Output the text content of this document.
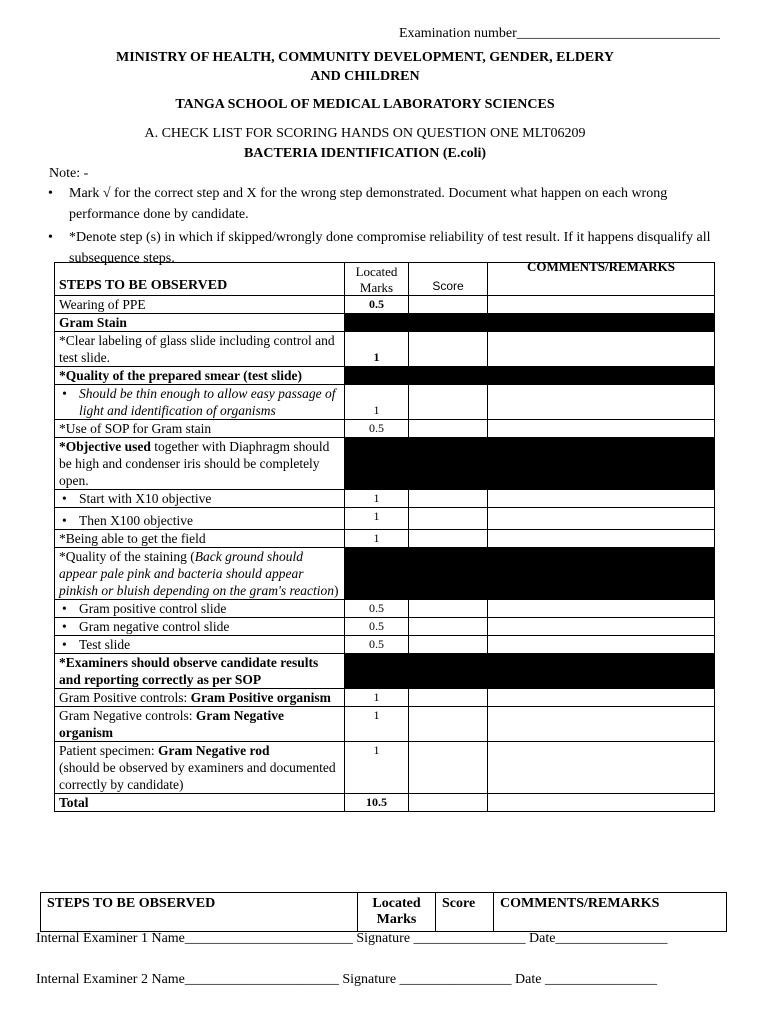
Examination number_____________________________
MINISTRY OF HEALTH, COMMUNITY DEVELOPMENT, GENDER, ELDERY
AND CHILDREN
TANGA SCHOOL OF MEDICAL LABORATORY SCIENCES
A. CHECK LIST FOR SCORING HANDS ON QUESTION ONE MLT06209
BACTERIA IDENTIFICATION (E.coli)
Note: -
• Mark √ for the correct step and X for the wrong step demonstrated. Document what happen on each wrong performance done by candidate.
• *Denote step (s) in which if skipped/wrongly done compromise reliability of test result. If it happens disqualify all subsequence steps.
STEPS TO BE OBSERVED	Located
Marks	Score	COMMENTS/REMARKS

Wearing of PPE	0.5		
Gram Stain			
*Clear labeling of glass slide including control and test slide.	1		
*Quality of the prepared smear (test slide)			

• Should be thin enough to allow easy passage of light and identification of organisms	1		
*Use of SOP for Gram stain	0.5		
*Objective used together with Diaphragm should be high and condenser iris should be completely open.			

• Start with X10 objective	1		

• Then X100 objective	1		
*Being able to get the field	1		
*Quality of the staining (Back ground should appear pale pink and bacteria should appear pinkish or bluish depending on the gram's reaction)			

• Gram positive control slide	0.5		

• Gram negative control slide	0.5		

• Test slide	0.5		
*Examiners should observe candidate results and reporting correctly as per SOP			
Gram Positive controls: Gram Positive organism	1		
Gram Negative controls: Gram Negative organism	1		
Patient specimen: Gram Negative rod
(should be observed by examiners and documented correctly by candidate)	1		
Total	10.5		
STEPS TO BE OBSERVED	Located Marks	Score	COMMENTS/REMARKS
Internal Examiner 1 Name________________________ Signature ________________ Date________________
Internal Examiner 2 Name______________________ Signature ________________ Date ________________
